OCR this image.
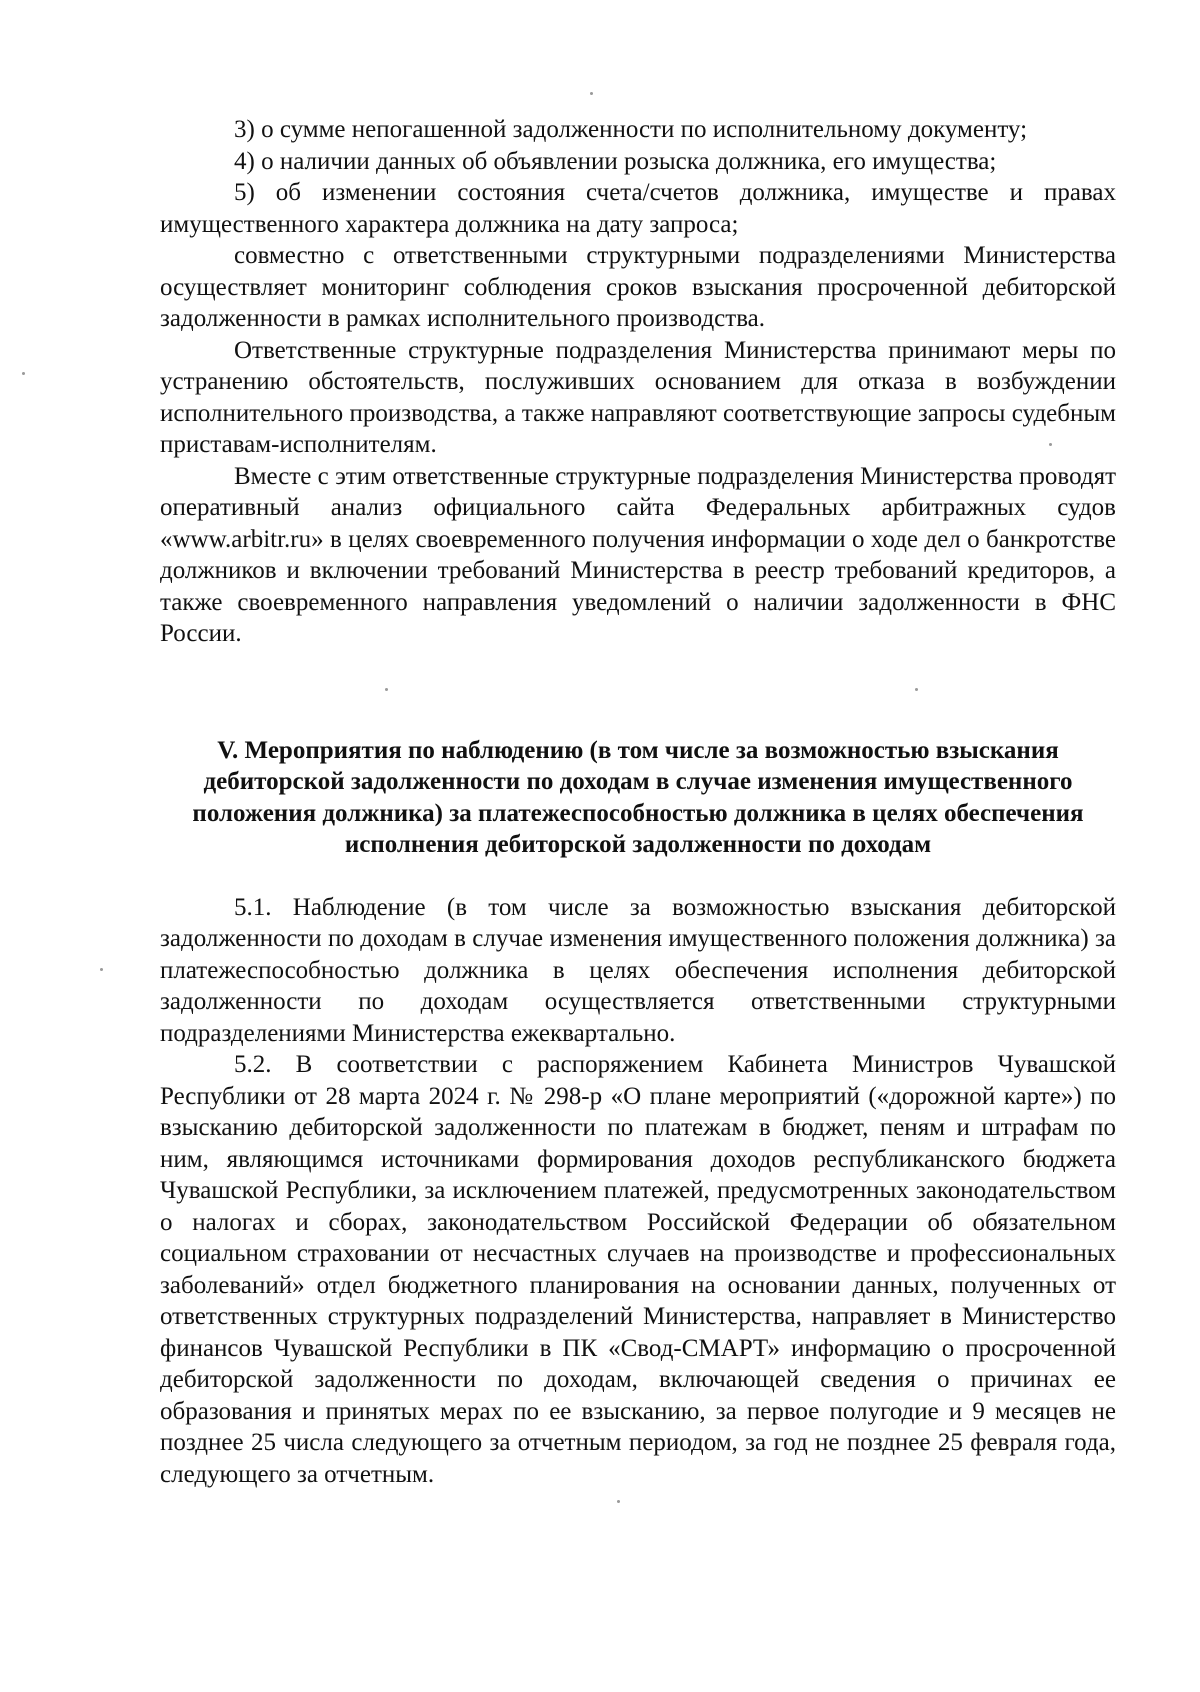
3) о сумме непогашенной задолженности по исполнительному документу;

4) о наличии данных об объявлении розыска должника, его имущества;

5) об изменении состояния счета/счетов должника, имуществе и правах имущественного характера должника на дату запроса;

совместно с ответственными структурными подразделениями Министерства осуществляет мониторинг соблюдения сроков взыскания просроченной дебиторской задолженности в рамках исполнительного производства.

Ответственные структурные подразделения Министерства принимают меры по устранению обстоятельств, послуживших основанием для отказа в возбуждении исполнительного производства, а также направляют соответствующие запросы судебным приставам-исполнителям.

Вместе с этим ответственные структурные подразделения Министерства проводят оперативный анализ официального сайта Федеральных арбитражных судов «www.arbitr.ru» в целях своевременного получения информации о ходе дел о банкротстве должников и включении требований Министерства в реестр требований кредиторов, а также своевременного направления уведомлений о наличии задолженности в ФНС России.

V. Мероприятия по наблюдению (в том числе за возможностью взыскания дебиторской задолженности по доходам в случае изменения имущественного положения должника) за платежеспособностью должника в целях обеспечения исполнения дебиторской задолженности по доходам

5.1. Наблюдение (в том числе за возможностью взыскания дебиторской задолженности по доходам в случае изменения имущественного положения должника) за платежеспособностью должника в целях обеспечения исполнения дебиторской задолженности по доходам осуществляется ответственными структурными подразделениями Министерства ежеквартально.

5.2. В соответствии с распоряжением Кабинета Министров Чувашской Республики от 28 марта 2024 г. № 298-р «О плане мероприятий («дорожной карте») по взысканию дебиторской задолженности по платежам в бюджет, пеням и штрафам по ним, являющимся источниками формирования доходов республиканского бюджета Чувашской Республики, за исключением платежей, предусмотренных законодательством о налогах и сборах, законодательством Российской Федерации об обязательном социальном страховании от несчастных случаев на производстве и профессиональных заболеваний» отдел бюджетного планирования на основании данных, полученных от ответственных структурных подразделений Министерства, направляет в Министерство финансов Чувашской Республики в ПК «Свод-СМАРТ» информацию о просроченной дебиторской задолженности по доходам, включающей сведения о причинах ее образования и принятых мерах по ее взысканию, за первое полугодие и 9 месяцев не позднее 25 числа следующего за отчетным периодом, за год не позднее 25 февраля года, следующего за отчетным.
